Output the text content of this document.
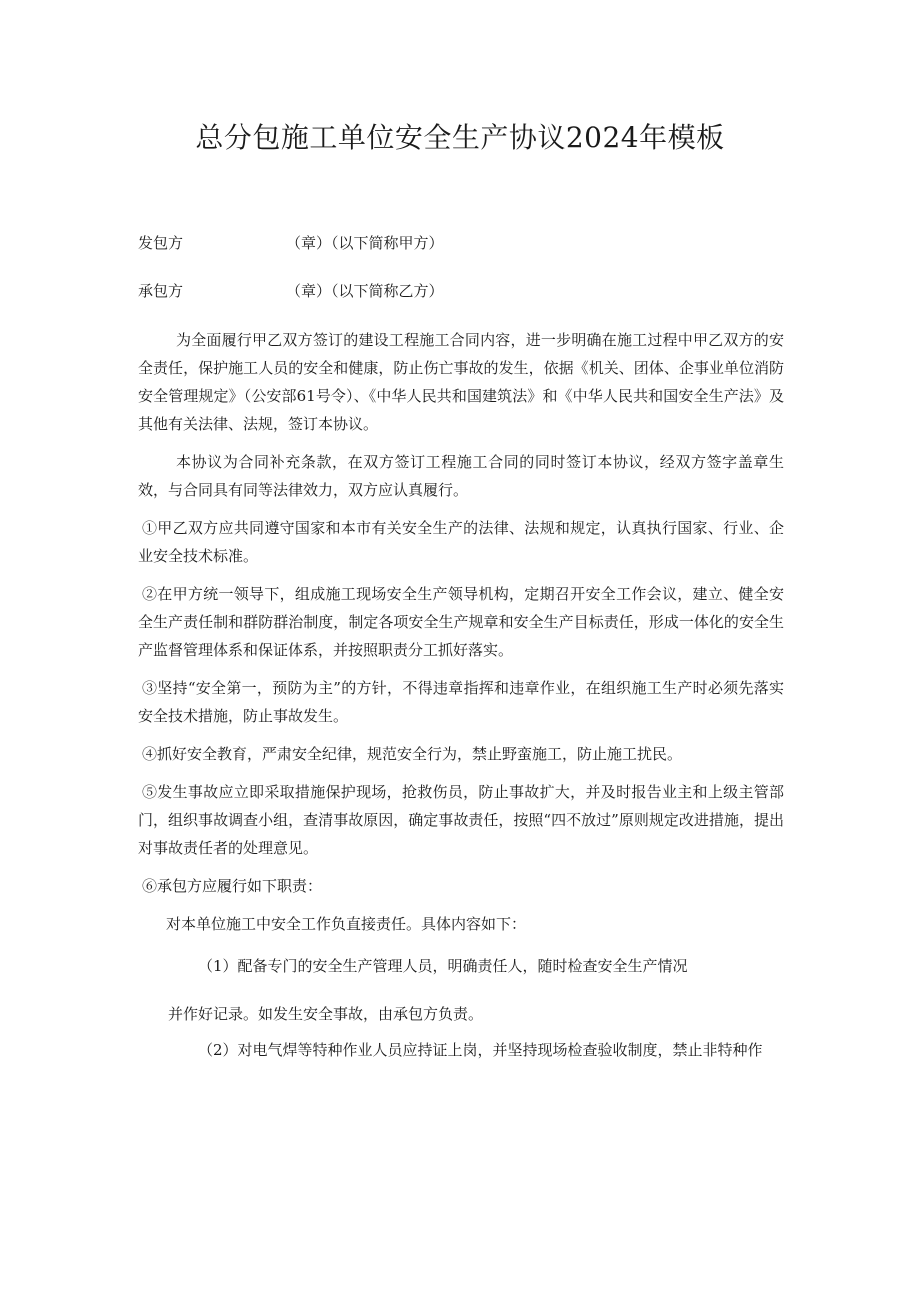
总分包施工单位安全生产协议2024年模板
发包方	（章）（以下简称甲方）
承包方	（章）（以下简称乙方）

为全面履行甲乙双方签订的建设工程施工合同内容，进一步明确在施工过程中甲乙双方的安全责任，保护施工人员的安全和健康，防止伤亡事故的发生，依据《机关、团体、企事业单位消防安全管理规定》（公安部61号令）、《中华人民共和国建筑法》和《中华人民共和国安全生产法》及其他有关法律、法规，签订本协议。

本协议为合同补充条款，在双方签订工程施工合同的同时签订本协议，经双方签字盖章生效，与合同具有同等法律效力，双方应认真履行。

①甲乙双方应共同遵守国家和本市有关安全生产的法律、法规和规定，认真执行国家、行业、企业安全技术标准。

②在甲方统一领导下，组成施工现场安全生产领导机构，定期召开安全工作会议，建立、健全安全生产责任制和群防群治制度，制定各项安全生产规章和安全生产目标责任，形成一体化的安全生产监督管理体系和保证体系，并按照职责分工抓好落实。

③坚持“安全第一，预防为主”的方针，不得违章指挥和违章作业，在组织施工生产时必须先落实安全技术措施，防止事故发生。

④抓好安全教育，严肃安全纪律，规范安全行为，禁止野蛮施工，防止施工扰民。

⑤发生事故应立即采取措施保护现场，抢救伤员，防止事故扩大，并及时报告业主和上级主管部门，组织事故调查小组，查清事故原因，确定事故责任，按照“四不放过”原则规定改进措施，提出对事故责任者的处理意见。

⑥承包方应履行如下职责：

对本单位施工中安全工作负直接责任。具体内容如下：

（1）配备专门的安全生产管理人员，明确责任人，随时检查安全生产情况

并作好记录。如发生安全事故，由承包方负责。

（2）对电气焊等特种作业人员应持证上岗，并坚持现场检查验收制度，禁止非特种作
